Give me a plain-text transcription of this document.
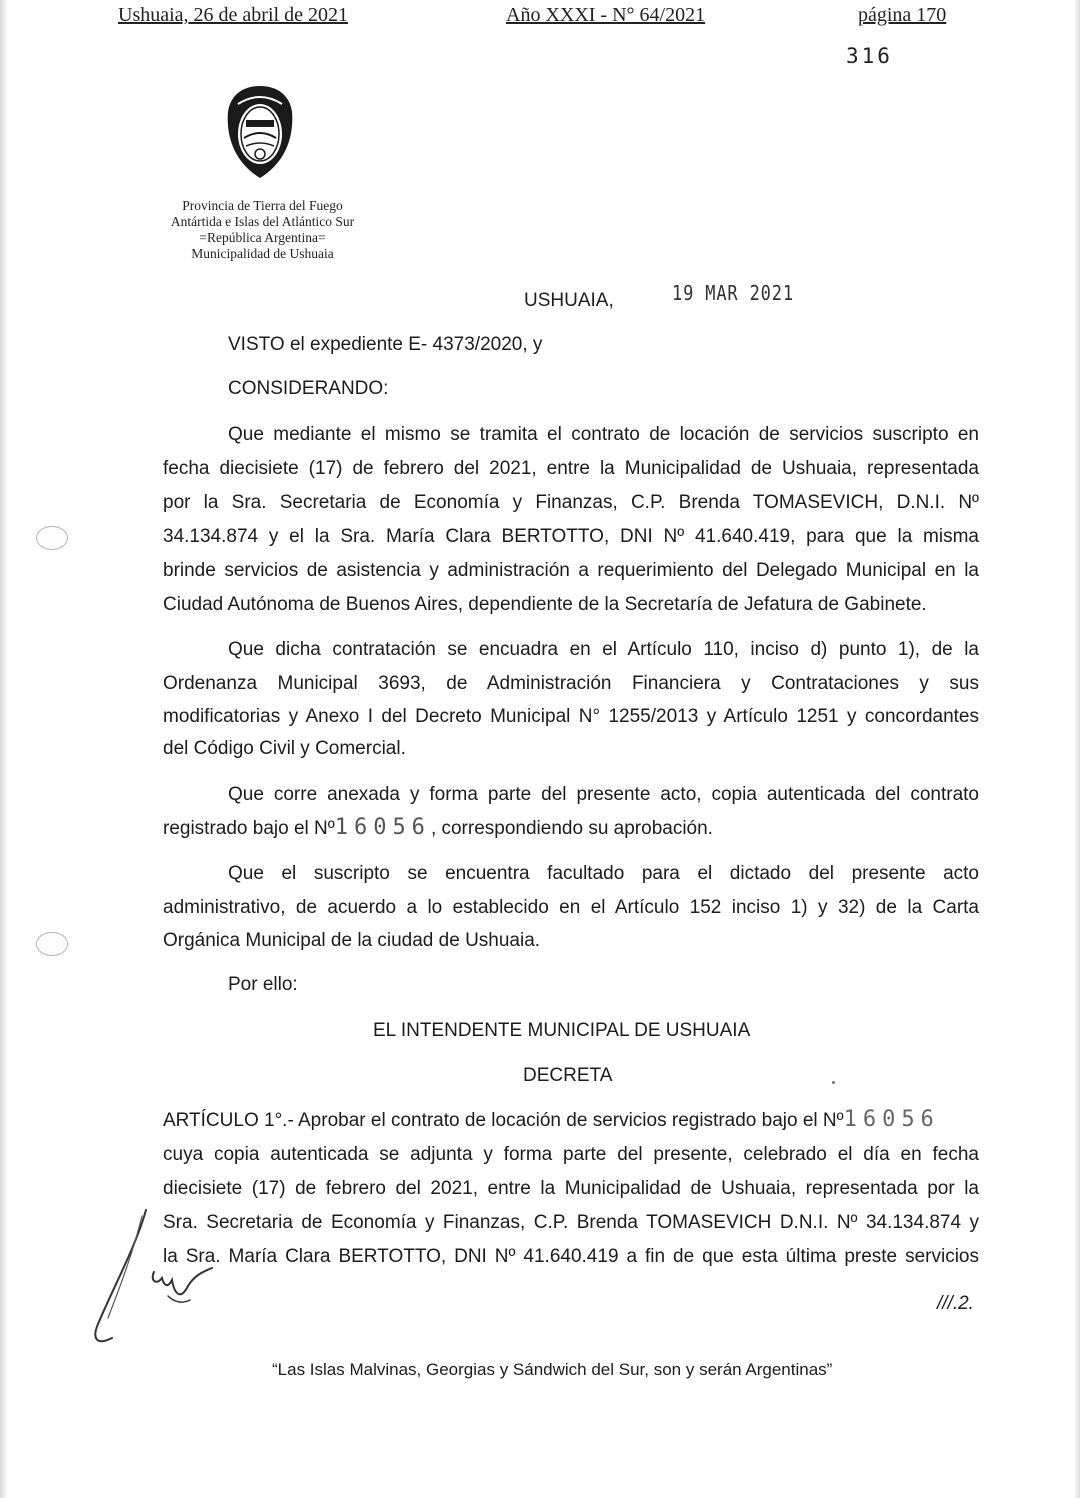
Ushuaia, 26 de abril de 2021	Año XXXI - N° 64/2021	página 170
316
Provincia de Tierra del Fuego
Antártida e Islas del Atlántico Sur
=República Argentina=
Municipalidad de Ushuaia
USHUAIA,	19 MAR 2021
VISTO el expediente E- 4373/2020, y
CONSIDERANDO:
Que mediante el mismo se tramita el contrato de locación de servicios suscripto en
fecha diecisiete (17) de febrero del 2021, entre la Municipalidad de Ushuaia, representada
por la Sra. Secretaria de Economía y Finanzas, C.P. Brenda TOMASEVICH, D.N.I. Nº
34.134.874 y el la Sra. María Clara BERTOTTO, DNI Nº 41.640.419, para que la misma
brinde servicios de asistencia y administración a requerimiento del Delegado Municipal en la
Ciudad Autónoma de Buenos Aires, dependiente de la Secretaría de Jefatura de Gabinete.
Que dicha contratación se encuadra en el Artículo 110, inciso d) punto 1), de la
Ordenanza Municipal 3693, de Administración Financiera y Contrataciones y sus
modificatorias y Anexo I del Decreto Municipal N° 1255/2013 y Artículo 1251 y concordantes
del Código Civil y Comercial.
Que corre anexada y forma parte del presente acto, copia autenticada del contrato
registrado bajo el Nº16056, correspondiendo su aprobación.
Que el suscripto se encuentra facultado para el dictado del presente acto
administrativo, de acuerdo a lo establecido en el Artículo 152 inciso 1) y 32) de la Carta
Orgánica Municipal de la ciudad de Ushuaia.
Por ello:
EL INTENDENTE MUNICIPAL DE USHUAIA
DECRETA
ARTÍCULO 1°.- Aprobar el contrato de locación de servicios registrado bajo el Nº16056
cuya copia autenticada se adjunta y forma parte del presente, celebrado el día en fecha
diecisiete (17) de febrero del 2021, entre la Municipalidad de Ushuaia, representada por la
Sra. Secretaria de Economía y Finanzas, C.P. Brenda TOMASEVICH D.N.I. Nº 34.134.874 y
la Sra. María Clara BERTOTTO, DNI Nº 41.640.419 a fin de que esta última preste servicios
///.2.
“Las Islas Malvinas, Georgias y Sándwich del Sur, son y serán Argentinas”
